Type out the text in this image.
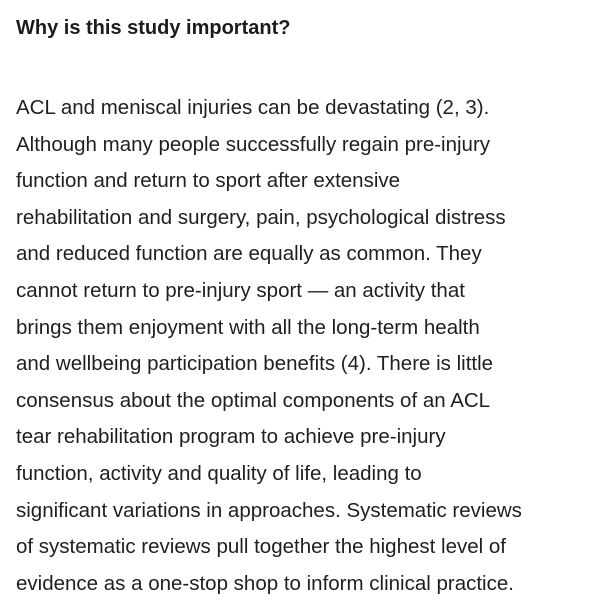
Why is this study important?
ACL and meniscal injuries can be devastating (2, 3).
Although many people successfully regain pre-injury
function and return to sport after extensive
rehabilitation and surgery, pain, psychological distress
and reduced function are equally as common. They
cannot return to pre-injury sport — an activity that
brings them enjoyment with all the long-term health
and wellbeing participation benefits (4). There is little
consensus about the optimal components of an ACL
tear rehabilitation program to achieve pre-injury
function, activity and quality of life, leading to
significant variations in approaches. Systematic reviews
of systematic reviews pull together the highest level of
evidence as a one-stop shop to inform clinical practice.
